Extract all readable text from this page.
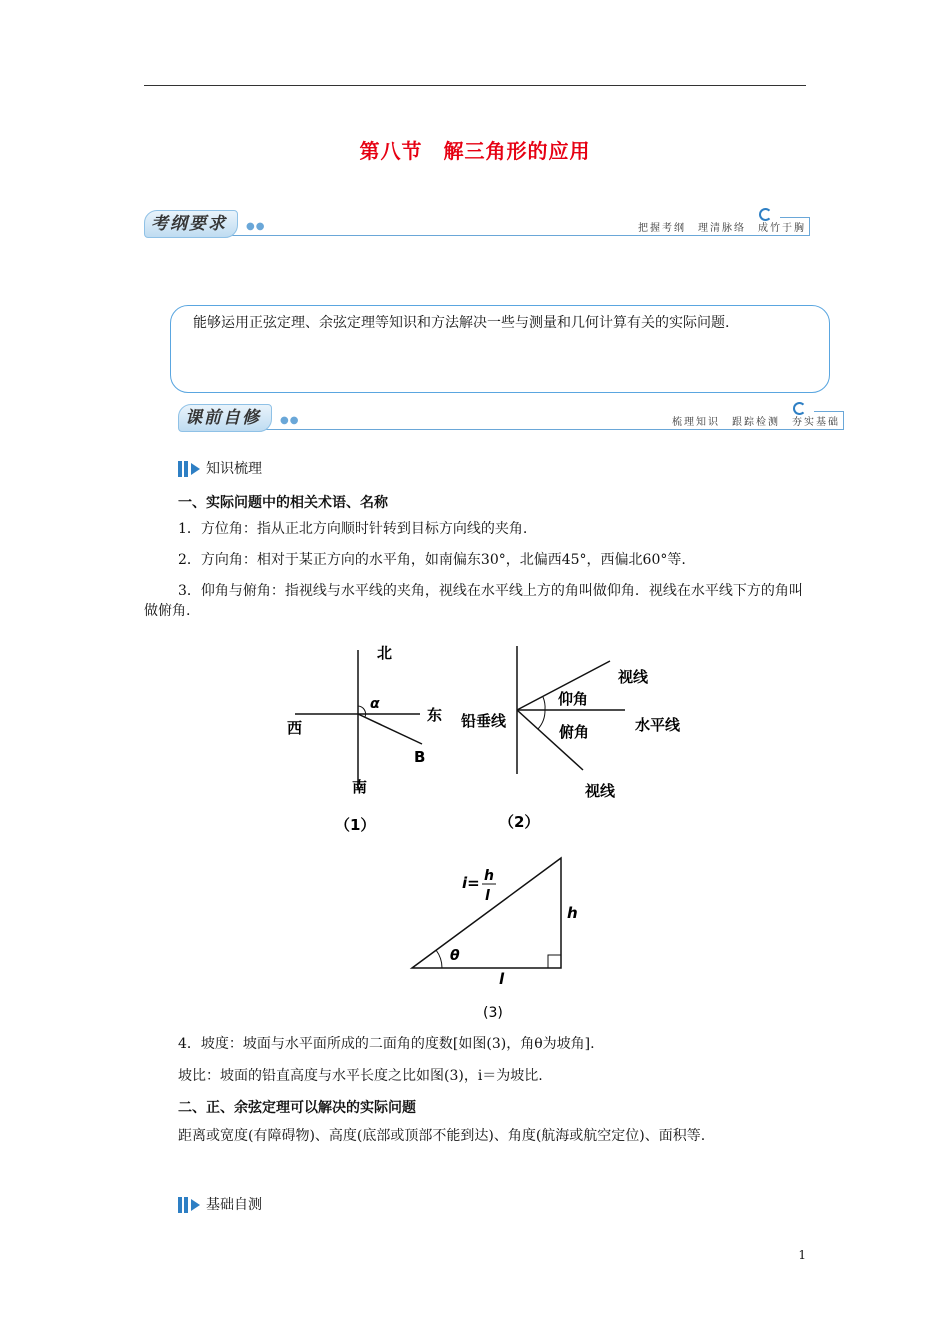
第八节　解三角形的应用
考纲要求	●●	把握考纲　理清脉络　成竹于胸
能够运用正弦定理、余弦定理等知识和方法解决一些与测量和几何计算有关的实际问题.
课前自修	●●	梳理知识　跟踪检测　夯实基础
知识梳理
一、实际问题中的相关术语、名称
1．方位角：指从正北方向顺时针转到目标方向线的夹角.
2．方向角：相对于某正方向的水平角，如南偏东30°，北偏西45°，西偏北60°等.
3．仰角与俯角：指视线与水平线的夹角，视线在水平线上方的角叫做仰角．视线在水平线下方的角叫做俯角.
北
西
东
南
α
B
（1）
视线
仰角
铅垂线
俯角	水平线
视线
（2）
i= h
l
h
θ
l
(3)
4．坡度：坡面与水平面所成的二面角的度数[如图(3)，角θ为坡角].
坡比：坡面的铅直高度与水平长度之比如图(3)，i＝为坡比.
二、正、余弦定理可以解决的实际问题
距离或宽度(有障碍物)、高度(底部或顶部不能到达)、角度(航海或航空定位)、面积等.
基础自测
1
